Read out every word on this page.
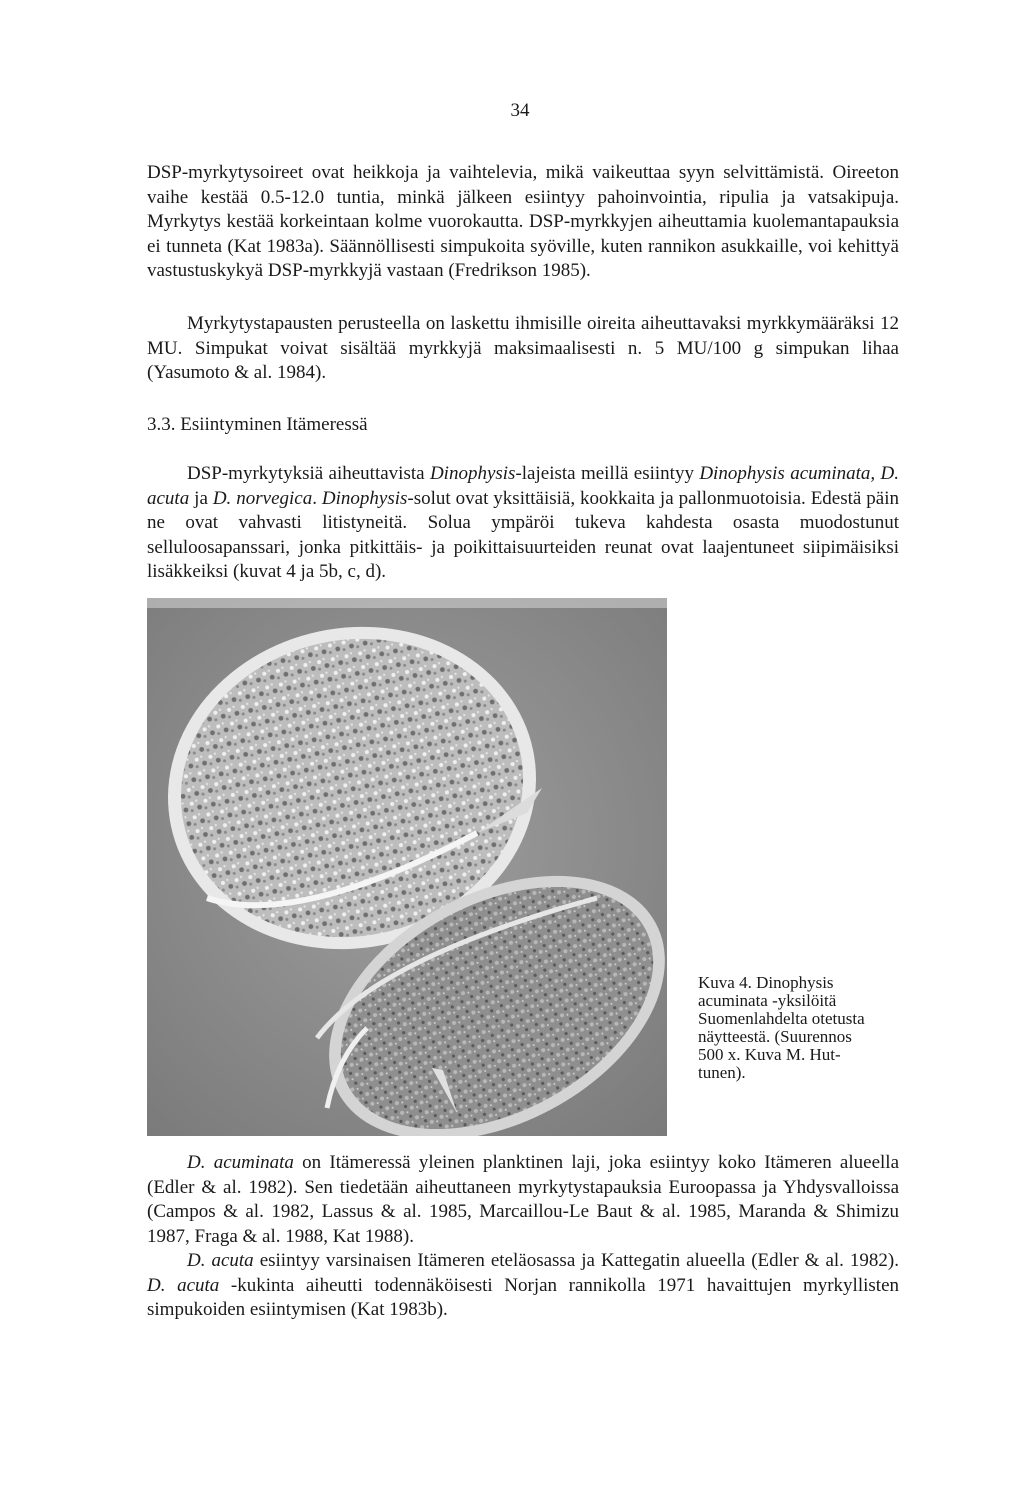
34

DSP-myrkytysoireet ovat heikkoja ja vaihtelevia, mikä vaikeuttaa syyn selvittämistä. Oireeton vaihe kestää 0.5-12.0 tuntia, minkä jälkeen esiintyy pahoinvointia, ripulia ja vatsakipuja. Myrkytys kestää korkeintaan kolme vuorokautta. DSP-myrkkyjen aiheuttamia kuolemantapauksia ei tunneta (Kat 1983a). Säännöllisesti simpukoita syöville, kuten rannikon asukkaille, voi kehittyä vastustuskykyä DSP-myrkkyjä vastaan (Fredrikson 1985).

Myrkytystapausten perusteella on laskettu ihmisille oireita aiheuttavaksi myrkkymääräksi 12 MU. Simpukat voivat sisältää myrkkyjä maksimaalisesti n. 5 MU/100 g simpukan lihaa (Yasumoto & al. 1984).

3.3. Esiintyminen Itämeressä

DSP-myrkytyksiä aiheuttavista Dinophysis-lajeista meillä esiintyy Dinophysis acuminata, D. acuta ja D. norvegica. Dinophysis-solut ovat yksittäisiä, kookkaita ja pallonmuotoisia. Edestä päin ne ovat vahvasti litistyneitä. Solua ympäröi tukeva kahdesta osasta muodostunut selluloosapanssari, jonka pitkittäis- ja poikittaisuurteiden reunat ovat laajentuneet siipimäisiksi lisäkkeiksi (kuvat 4 ja 5b, c, d).

Kuva 4. Dinophysis
acuminata -yksilöitä
Suomenlahdelta otetusta
näytteestä. (Suurennos
500 x. Kuva M. Hut-
tunen).

D. acuminata on Itämeressä yleinen planktinen laji, joka esiintyy koko Itämeren alueella (Edler & al. 1982). Sen tiedetään aiheuttaneen myrkytystapauksia Euroopassa ja Yhdysvalloissa (Campos & al. 1982, Lassus & al. 1985, Marcaillou-Le Baut & al. 1985, Maranda & Shimizu 1987, Fraga & al. 1988, Kat 1988).

D. acuta esiintyy varsinaisen Itämeren eteläosassa ja Kattegatin alueella (Edler & al. 1982). D. acuta -kukinta aiheutti todennäköisesti Norjan rannikolla 1971 havaittujen myrkyllisten simpukoiden esiintymisen (Kat 1983b).
